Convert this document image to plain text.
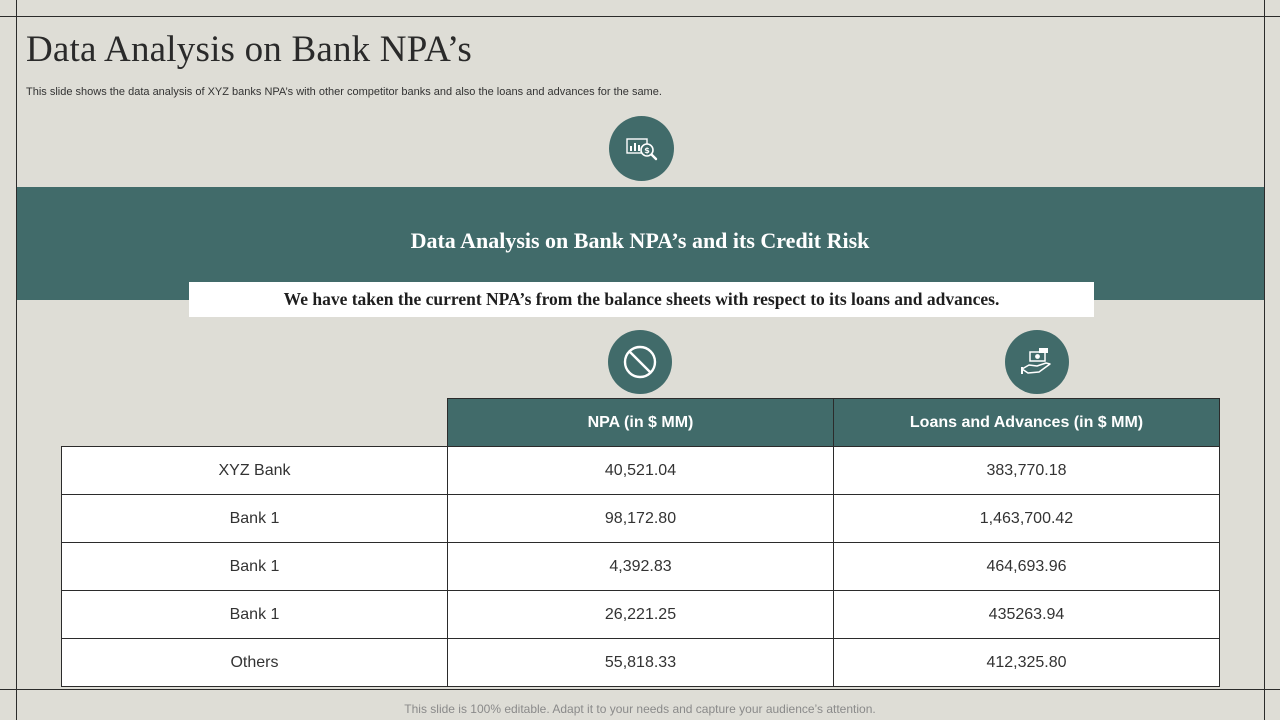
Data Analysis on Bank NPA’s

This slide shows the data analysis of XYZ banks NPA’s with other competitor banks and also the loans and advances for the same.

$
Data Analysis on Bank NPA’s and its Credit Risk
We have taken the current NPA’s from the balance sheets with respect to its loans and advances.
	NPA (in $ MM)	Loans and Advances (in $ MM)
XYZ Bank	40,521.04	383,770.18
Bank 1	98,172.80	1,463,700.42
Bank 1	4,392.83	464,693.96
Bank 1	26,221.25	435263.94
Others	55,818.33	412,325.80
This slide is 100% editable. Adapt it to your needs and capture your audience’s attention.
